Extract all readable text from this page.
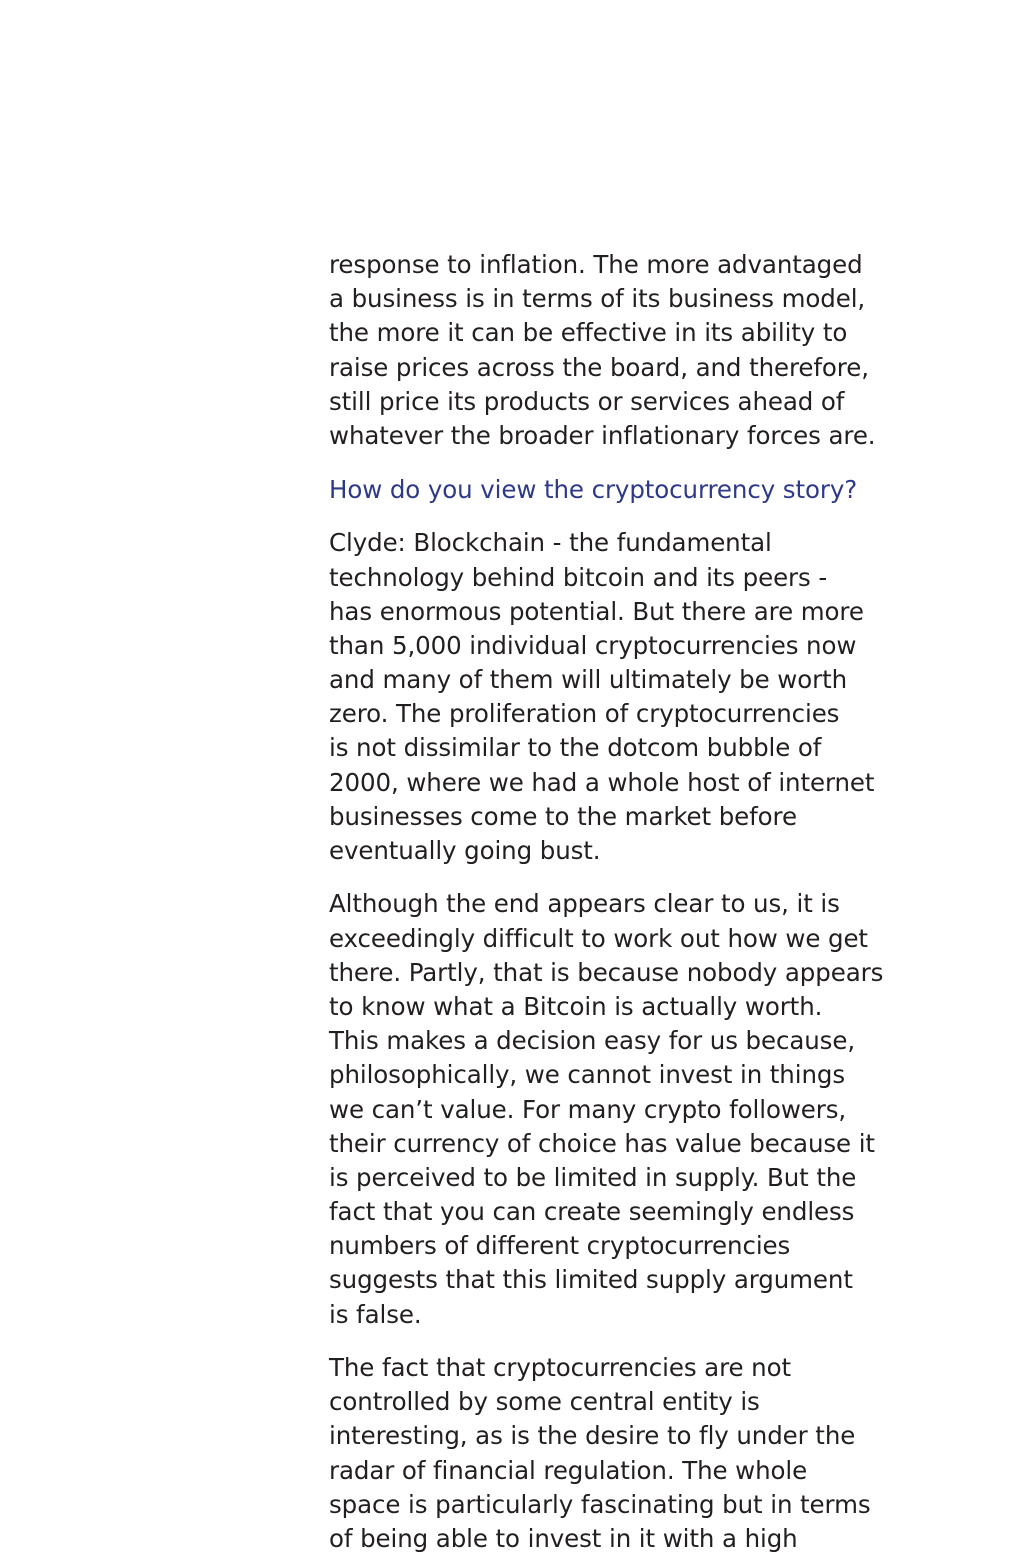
response to inflation. The more advantaged
a business is in terms of its business model,
the more it can be effective in its ability to
raise prices across the board, and therefore,
still price its products or services ahead of
whatever the broader inflationary forces are.
How do you view the cryptocurrency story?
Clyde: Blockchain - the fundamental
technology behind bitcoin and its peers -
has enormous potential. But there are more
than 5,000 individual cryptocurrencies now
and many of them will ultimately be worth
zero. The proliferation of cryptocurrencies
is not dissimilar to the dotcom bubble of
2000, where we had a whole host of internet
businesses come to the market before
eventually going bust.
Although the end appears clear to us, it is
exceedingly difficult to work out how we get
there. Partly, that is because nobody appears
to know what a Bitcoin is actually worth.
This makes a decision easy for us because,
philosophically, we cannot invest in things
we can’t value. For many crypto followers,
their currency of choice has value because it
is perceived to be limited in supply. But the
fact that you can create seemingly endless
numbers of different cryptocurrencies
suggests that this limited supply argument
is false.
The fact that cryptocurrencies are not
controlled by some central entity is
interesting, as is the desire to fly under the
radar of financial regulation. The whole
space is particularly fascinating but in terms
of being able to invest in it with a high
